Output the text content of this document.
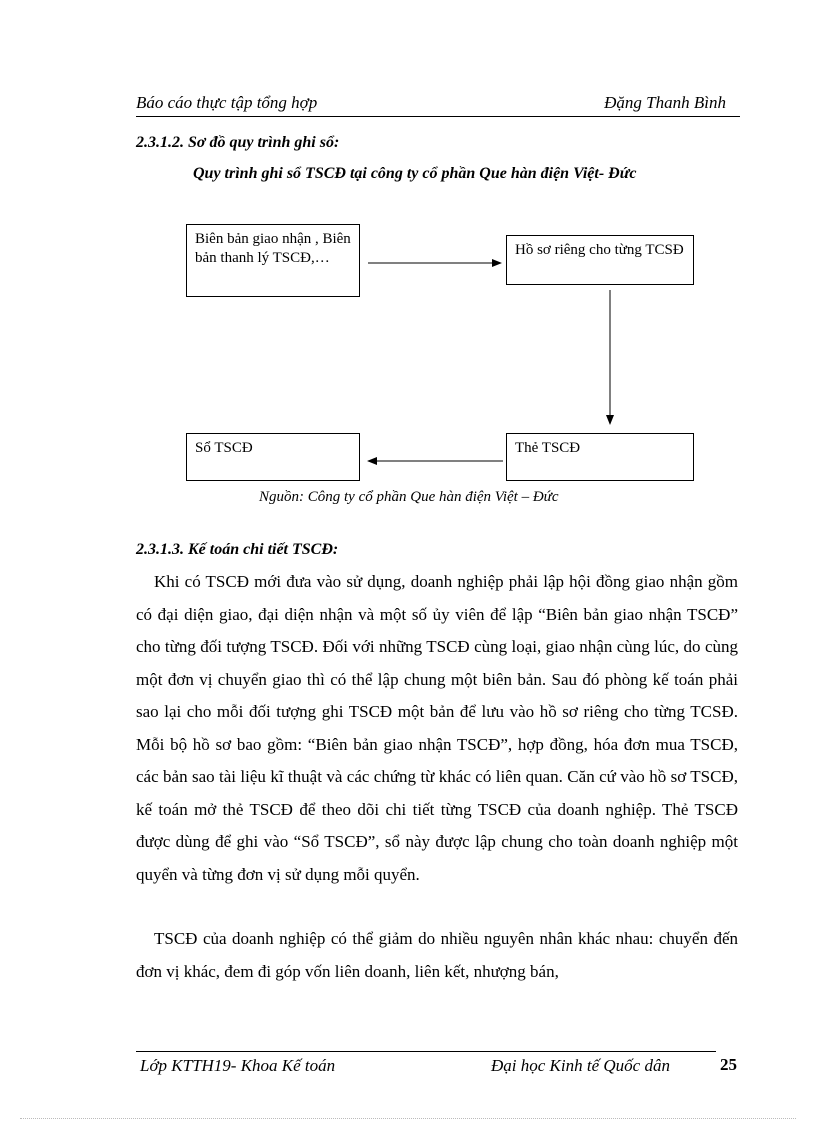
Báo cáo thực tập tổng hợp	Đặng Thanh Bình
2.3.1.2. Sơ đồ quy trình ghi sổ:
Quy trình ghi sổ TSCĐ tại công ty cổ phần Que hàn điện Việt- Đức
Biên bản giao nhận , Biên bản thanh lý TSCĐ,…	Hồ sơ riêng cho từng TCSĐ
Thẻ TSCĐ
Sổ TSCĐ
Nguồn: Công ty cổ phần Que hàn điện Việt – Đức
2.3.1.3. Kế toán chi tiết TSCĐ:

Khi có TSCĐ mới đưa vào sử dụng, doanh nghiệp phải lập hội đồng giao nhận gồm có đại diện giao, đại diện nhận và một số ủy viên để lập “Biên bản giao nhận TSCĐ” cho từng đối tượng TSCĐ. Đối với những TSCĐ cùng loại, giao nhận cùng lúc, do cùng một đơn vị chuyển giao thì có thể lập chung một biên bản. Sau đó phòng kế toán phải sao lại cho mỗi đối tượng ghi TSCĐ một bản để lưu vào hồ sơ riêng cho từng TCSĐ. Mỗi bộ hồ sơ bao gồm: “Biên bản giao nhận TSCĐ”, hợp đồng, hóa đơn mua TSCĐ, các bản sao tài liệu kĩ thuật và các chứng từ khác có liên quan. Căn cứ vào hồ sơ TSCĐ, kế toán mở thẻ TSCĐ để theo dõi chi tiết từng TSCĐ của doanh nghiệp. Thẻ TSCĐ được dùng để ghi vào “Sổ TSCĐ”, sổ này được lập chung cho toàn doanh nghiệp một quyển và từng đơn vị sử dụng mỗi quyển.

TSCĐ của doanh nghiệp có thể giảm do nhiều nguyên nhân khác nhau: chuyển đến đơn vị khác, đem đi góp vốn liên doanh, liên kết, nhượng bán,

Lớp KTTH19- Khoa Kế toán	Đại học Kinh tế Quốc dân	25
